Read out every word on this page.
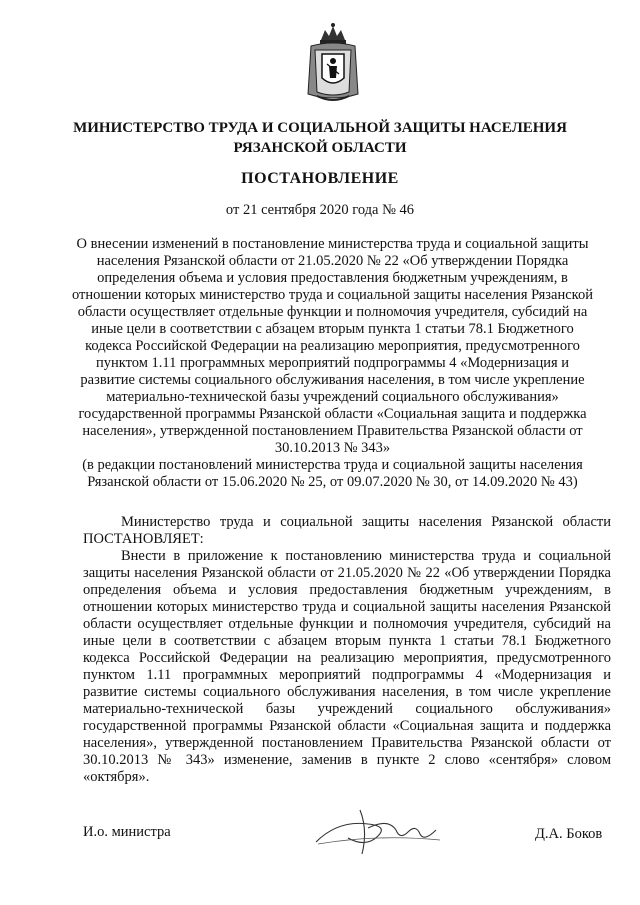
МИНИСТЕРСТВО ТРУДА И СОЦИАЛЬНОЙ ЗАЩИТЫ НАСЕЛЕНИЯ
РЯЗАНСКОЙ ОБЛАСТИ
ПОСТАНОВЛЕНИЕ
от 21 сентября 2020 года № 46

О внесении изменений в постановление министерства труда и социальной защиты населения Рязанской области от 21.05.2020 № 22 «Об утверждении Порядка определения объема и условия предоставления бюджетным учреждениям, в отношении которых министерство труда и социальной защиты населения Рязанской области осуществляет отдельные функции и полномочия учредителя, субсидий на иные цели в соответствии с абзацем вторым пункта 1 статьи 78.1 Бюджетного кодекса Российской Федерации на реализацию мероприятия, предусмотренного пунктом 1.11 программных мероприятий подпрограммы 4 «Модернизация и развитие системы социального обслуживания населения, в том числе укрепление материально-технической базы учреждений социального обслуживания» государственной программы Рязанской области «Социальная защита и поддержка населения», утвержденной постановлением Правительства Рязанской области от 30.10.2013 № 343»

(в редакции постановлений министерства труда и социальной защиты населения Рязанской области от 15.06.2020 № 25, от 09.07.2020 № 30, от 14.09.2020 № 43)

Министерство труда и социальной защиты населения Рязанской области ПОСТАНОВЛЯЕТ:

Внести в приложение к постановлению министерства труда и социальной защиты населения Рязанской области от 21.05.2020 № 22 «Об утверждении Порядка определения объема и условия предоставления бюджетным учреждениям, в отношении которых министерство труда и социальной защиты населения Рязанской области осуществляет отдельные функции и полномочия учредителя, субсидий на иные цели в соответствии с абзацем вторым пункта 1 статьи 78.1 Бюджетного кодекса Российской Федерации на реализацию мероприятия, предусмотренного пунктом 1.11 программных мероприятий подпрограммы 4 «Модернизация и развитие системы социального обслуживания населения, в том числе укрепление материально-технической базы учреждений социального обслуживания» государственной программы Рязанской области «Социальная защита и поддержка населения», утвержденной постановлением Правительства Рязанской области от 30.10.2013 № 343» изменение, заменив в пункте 2 слово «сентября» словом «октября».

И.о. министра	Д.А. Боков
